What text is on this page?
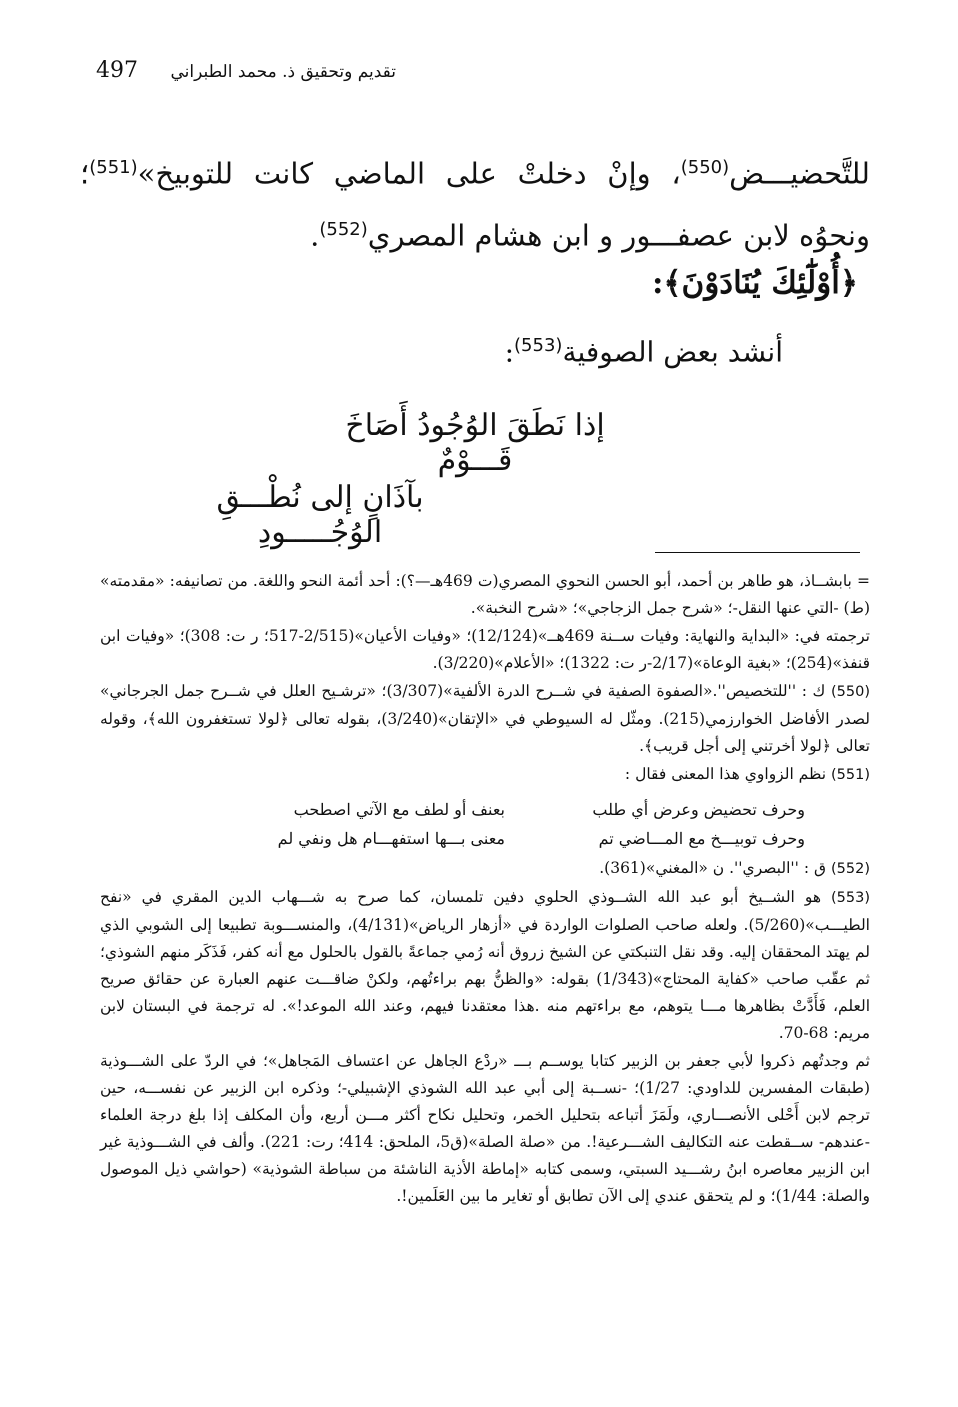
497 تقديم وتحقيق ذ. محمد الطبراني

للتَّحضيـــض$^{(550)}$، وإنْ دخلتْ على الماضي كانت للتوبيخ»$^{(551)}$؛ ونحوُه لابن عصفـــور و ابن هشام المصري$^{(552)}$.

﴿أُوْلَٰٓئِكَ يُنَادَوْنَ﴾:
أنشد بعض الصوفية$^{(553)}$:
إذا نَطَقَ الوُجُودُ أَصَاخَ قَـــوْمٌ
بآذَانٍ إلى نُطْـــقِ الوُجُـــــودِ

= بابشــاذ، هو طاهر بن أحمد، أبو الحسن النحوي المصري(ت 469هـ—؟): أحد أئمة النحو واللغة. من تصانيفه: «مقدمته» (ط) -التي عنها النقل-؛ «شرح جمل الزجاجي»؛ «شرح النخبة».

ترجمته في: «البداية والنهاية: وفيات ســنة 469هــ»(12/124)؛ «وفيات الأعيان»(2/515-517؛ ر ت: 308)؛ «وفيات ابن قنفذ»(254)؛ «بغية الوعاة»(2/17-ر ت: 1322)؛ «الأعلام»(3/220).

(550) ك : ''للتخصيص''.«الصفوة الصفية في شــرح الدرة الألفية»(3/307)؛ «ترشـيح العلل في شــرح جمل الجرجاني» لصدر الأفاضل الخوارزمي(215). ومثّل له السيوطي في «الإتقان»(3/240)، بقوله تعالى ﴿لولا تستغفرون الله﴾، وقوله تعالى ﴿لولا أخرتني إلى أجل قريب﴾.

(551) نظم الزواوي هذا المعنى فقال :

وحرف تحضيض وعرض أي طلب
بعنف أو لطف مع الآتي اصطحب
وحرف توبيـــخ مع المـــاضي تم
معنى بـــها استفهـــام هل ونفي لم

(552) ق : ''البصري''. ن «المغني»(361).

(553) هو الشــيخ أبو عبد الله الشــوذي الحلوي دفين تلمسان، كما صرح به شـــهاب الدين المقري في «نفح الطيـــب»(5/260). ولعله صاحب الصلوات الواردة في «أزهار الرياض»(4/131)، والمنســـوبة تطبيعا إلى الشوبي الذي لم يهتد المحققان إليه. وقد نقل التنبكتي عن الشيخ زروق أنه رُمي جماعةً بالقول بالحلول مع أنه كفر، فَذَكَر منهم الشوذي؛ ثم عقّب صاحب «كفاية المحتاج»(1/343) بقوله: «والظنُّ بهم براءتُهم، ولكنْ ضاقـــت عنهم العبارة عن حقائق صريح العلم، فَأَدَّتْ بظاهرها مـــا يتوهم، مع براءتهم منه .هذا معتقدنا فيهم، وعند الله الموعد!». له ترجمة في البستان لابن مريم: 68-70.

ثم وجدتُهم ذكروا لأبي جعفر بن الزبير كتابا يوســم بـــ «ردْع الجاهل عن اعتساف المَجاهل»؛ في الردّ على الشـــوذية (طبقات المفسرين للداودي: 1/27)؛ -نســبة إلى أبي عبد الله الشوذي الإشبيلي-؛ وذكره ابن الزبير عن نفســـه، حين ترجم لابن أَحْلى الأنصـــاري، ولَمَزَ أتباعه بتحليل الخمر، وتحليل نكاح أكثر مـــن أربع، وأن المكلف إذا بلغ درجة العلماء -عندهم- ســقطت عنه التكاليف الشـــرعية!. من «صلة الصلة»(ق5، الملحق: 414؛ رت: 221). وألف في الشـــوذية غير ابن الزبير معاصره ابنُ رشـــيد السبتي، وسمى كتابه «إماطة الأذية الناشئة من سباطة الشوذية» (حواشي ذيل الموصول والصلة: 1/44)؛ و لم يتحقق عندي إلى الآن تطابق أو تغاير ما بين العَلَمين!.
